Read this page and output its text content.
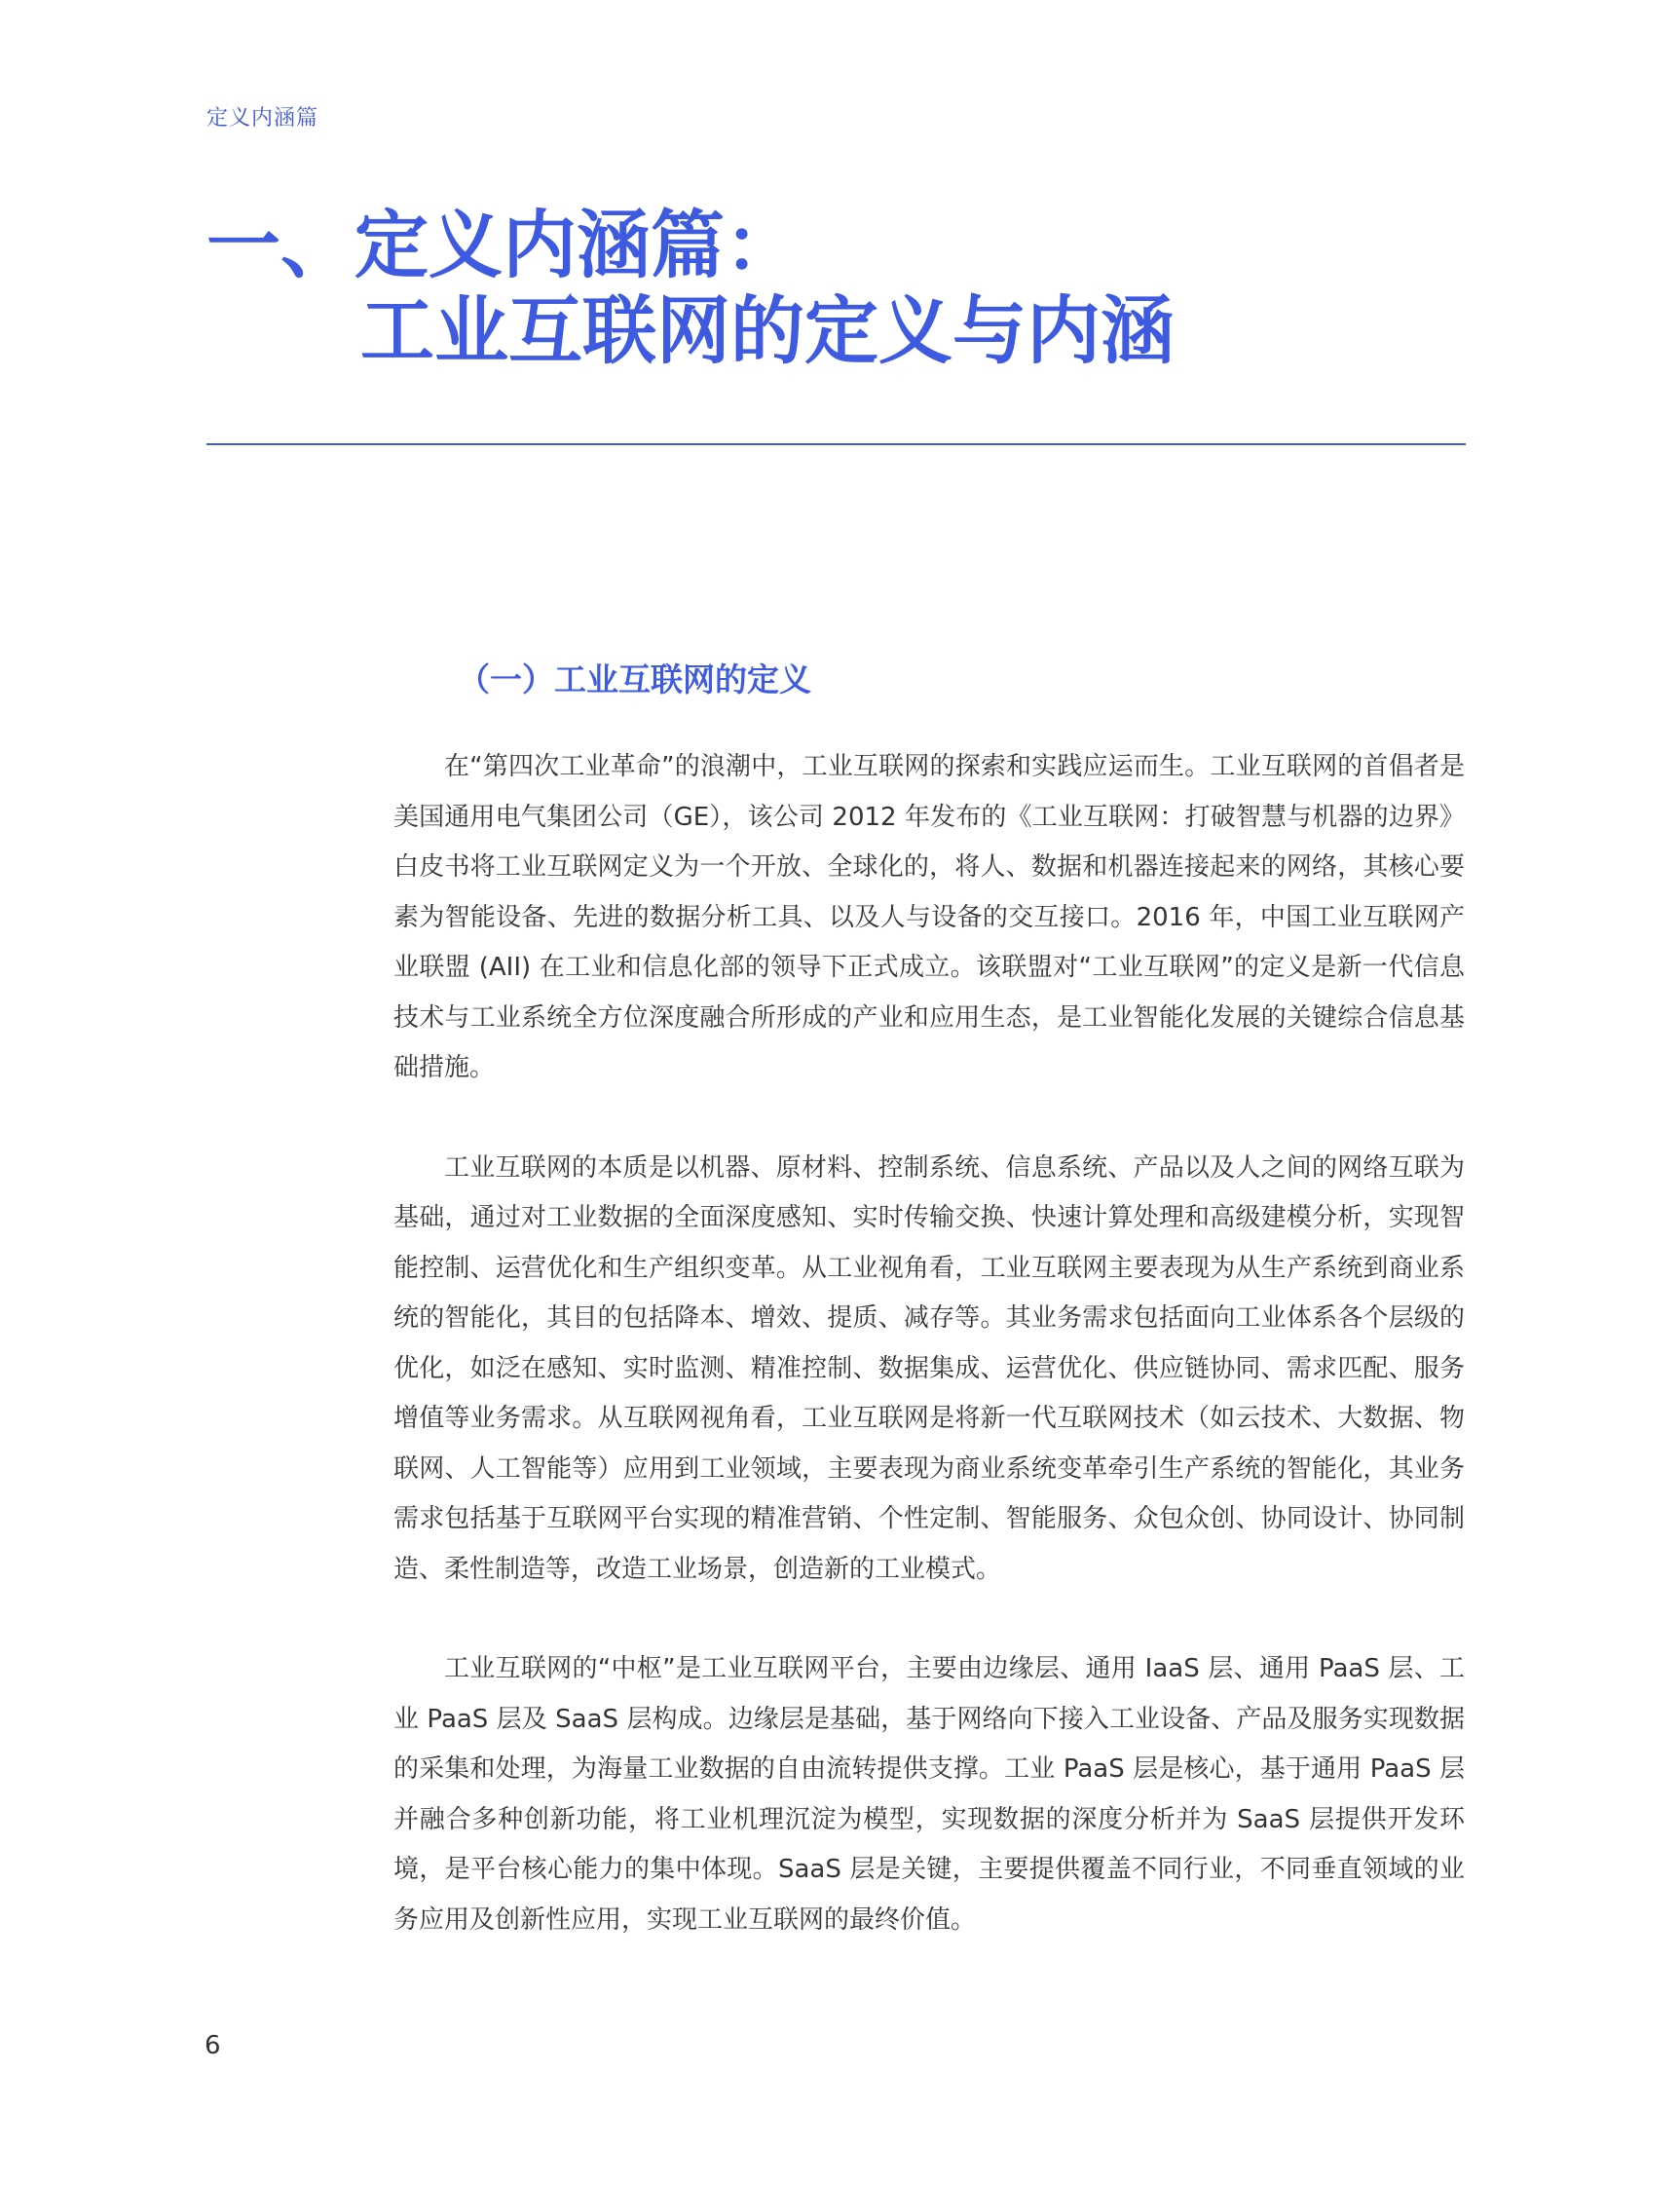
定义内涵篇
一、定义内涵篇：
工业互联网的定义与内涵
（一）工业互联网的定义

在“第四次工业革命”的浪潮中，工业互联网的探索和实践应运而生。工业互联网的首倡者是美国通用电气集团公司（GE），该公司 2012 年发布的《工业互联网：打破智慧与机器的边界》白皮书将工业互联网定义为一个开放、全球化的，将人、数据和机器连接起来的网络，其核心要素为智能设备、先进的数据分析工具、以及人与设备的交互接口。2016 年，中国工业互联网产业联盟 (AII) 在工业和信息化部的领导下正式成立。该联盟对“工业互联网”的定义是新一代信息技术与工业系统全方位深度融合所形成的产业和应用生态，是工业智能化发展的关键综合信息基础措施。

工业互联网的本质是以机器、原材料、控制系统、信息系统、产品以及人之间的网络互联为基础，通过对工业数据的全面深度感知、实时传输交换、快速计算处理和高级建模分析，实现智能控制、运营优化和生产组织变革。从工业视角看，工业互联网主要表现为从生产系统到商业系统的智能化，其目的包括降本、增效、提质、减存等。其业务需求包括面向工业体系各个层级的优化，如泛在感知、实时监测、精准控制、数据集成、运营优化、供应链协同、需求匹配、服务增值等业务需求。从互联网视角看，工业互联网是将新一代互联网技术（如云技术、大数据、物联网、人工智能等）应用到工业领域，主要表现为商业系统变革牵引生产系统的智能化，其业务需求包括基于互联网平台实现的精准营销、个性定制、智能服务、众包众创、协同设计、协同制造、柔性制造等，改造工业场景，创造新的工业模式。

工业互联网的“中枢”是工业互联网平台，主要由边缘层、通用 IaaS 层、通用 PaaS 层、工业 PaaS 层及 SaaS 层构成。边缘层是基础，基于网络向下接入工业设备、产品及服务实现数据的采集和处理，为海量工业数据的自由流转提供支撑。工业 PaaS 层是核心，基于通用 PaaS 层并融合多种创新功能，将工业机理沉淀为模型，实现数据的深度分析并为 SaaS 层提供开发环境，是平台核心能力的集中体现。SaaS 层是关键，主要提供覆盖不同行业，不同垂直领域的业务应用及创新性应用，实现工业互联网的最终价值。

6
